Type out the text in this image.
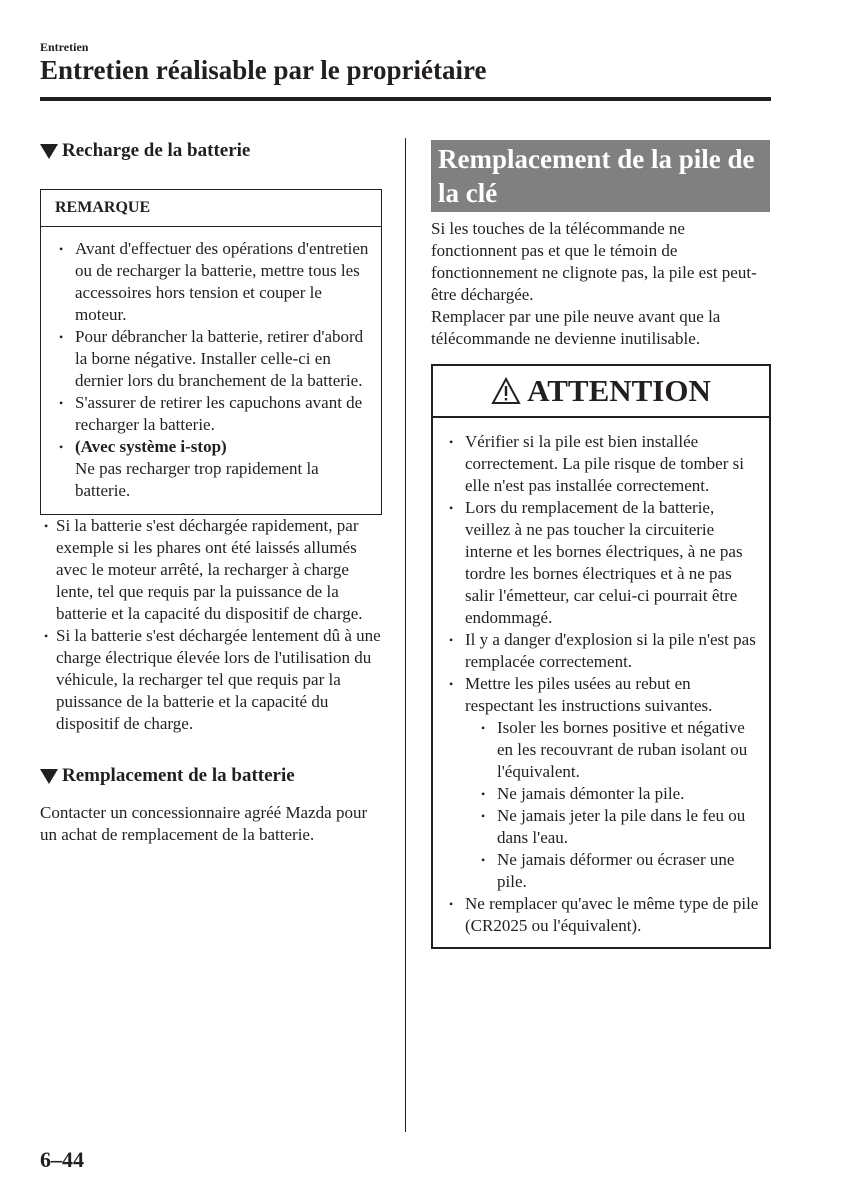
Entretien
Entretien réalisable par le propriétaire
Recharge de la batterie
REMARQUE
• Avant d'effectuer des opérations d'entretien ou de recharger la batterie, mettre tous les accessoires hors tension et couper le moteur.
• Pour débrancher la batterie, retirer d'abord la borne négative. Installer celle-ci en dernier lors du branchement de la batterie.
• S'assurer de retirer les capuchons avant de recharger la batterie.
• (Avec système i-stop)
Ne pas recharger trop rapidement la batterie.
• Si la batterie s'est déchargée rapidement, par exemple si les phares ont été laissés allumés avec le moteur arrêté, la recharger à charge lente, tel que requis par la puissance de la batterie et la capacité du dispositif de charge.
• Si la batterie s'est déchargée lentement dû à une charge électrique élevée lors de l'utilisation du véhicule, la recharger tel que requis par la puissance de la batterie et la capacité du dispositif de charge.
Remplacement de la batterie
Contacter un concessionnaire agréé Mazda pour un achat de remplacement de la batterie.
Remplacement de la pile de la clé
Si les touches de la télécommande ne fonctionnent pas et que le témoin de fonctionnement ne clignote pas, la pile est peut-être déchargée.
Remplacer par une pile neuve avant que la télécommande ne devienne inutilisable.
ATTENTION
• Vérifier si la pile est bien installée correctement. La pile risque de tomber si elle n'est pas installée correctement.
• Lors du remplacement de la batterie, veillez à ne pas toucher la circuiterie interne et les bornes électriques, à ne pas tordre les bornes électriques et à ne pas salir l'émetteur, car celui-ci pourrait être endommagé.
• Il y a danger d'explosion si la pile n'est pas remplacée correctement.
• Mettre les piles usées au rebut en respectant les instructions suivantes.
• Isoler les bornes positive et négative en les recouvrant de ruban isolant ou l'équivalent.
• Ne jamais démonter la pile.
• Ne jamais jeter la pile dans le feu ou dans l'eau.
• Ne jamais déformer ou écraser une pile.
• Ne remplacer qu'avec le même type de pile (CR2025 ou l'équivalent).
6–44
